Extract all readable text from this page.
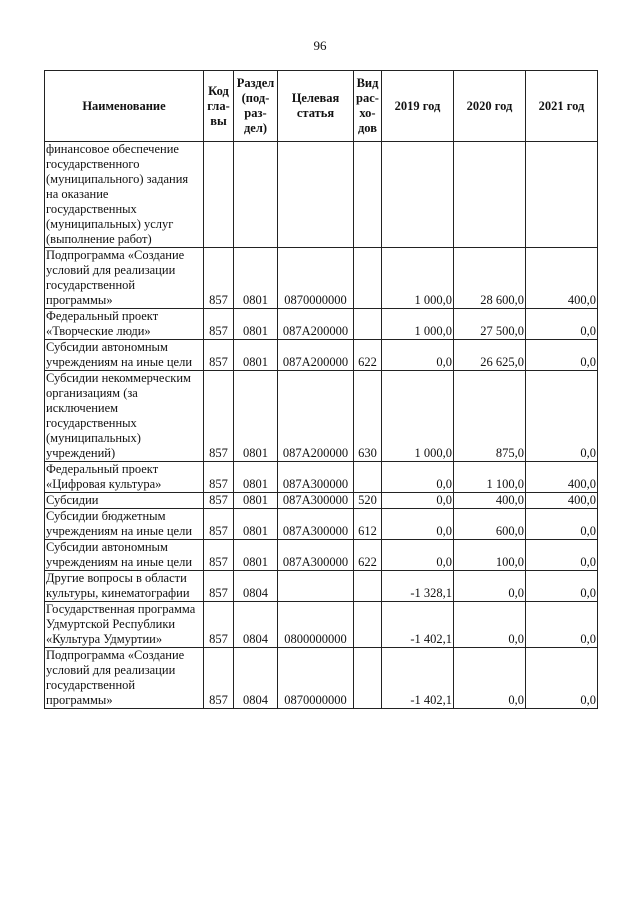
96
Наименование	Код гла- вы	Раздел (под- раз- дел)	Целевая статья	Вид рас- хо- дов	2019 год	2020 год	2021 год
финансовое обеспечение государственного (муниципального) задания на оказание государственных (муниципальных) услуг (выполнение работ)							
Подпрограмма «Создание условий для реализации государственной программы»	857	0801	0870000000		1 000,0	28 600,0	400,0
Федеральный проект «Творческие люди»	857	0801	087А200000		1 000,0	27 500,0	0,0
Субсидии автономным учреждениям на иные цели	857	0801	087А200000	622	0,0	26 625,0	0,0
Субсидии некоммерческим организациям (за исключением государственных (муниципальных) учреждений)	857	0801	087А200000	630	1 000,0	875,0	0,0
Федеральный проект «Цифровая культура»	857	0801	087А300000		0,0	1 100,0	400,0
Субсидии	857	0801	087А300000	520	0,0	400,0	400,0
Субсидии бюджетным учреждениям на иные цели	857	0801	087А300000	612	0,0	600,0	0,0
Субсидии автономным учреждениям на иные цели	857	0801	087А300000	622	0,0	100,0	0,0
Другие вопросы в области культуры, кинематографии	857	0804			-1 328,1	0,0	0,0
Государственная программа Удмуртской Республики «Культура Удмуртии»	857	0804	0800000000		-1 402,1	0,0	0,0
Подпрограмма «Создание условий для реализации государственной программы»	857	0804	0870000000		-1 402,1	0,0	0,0
